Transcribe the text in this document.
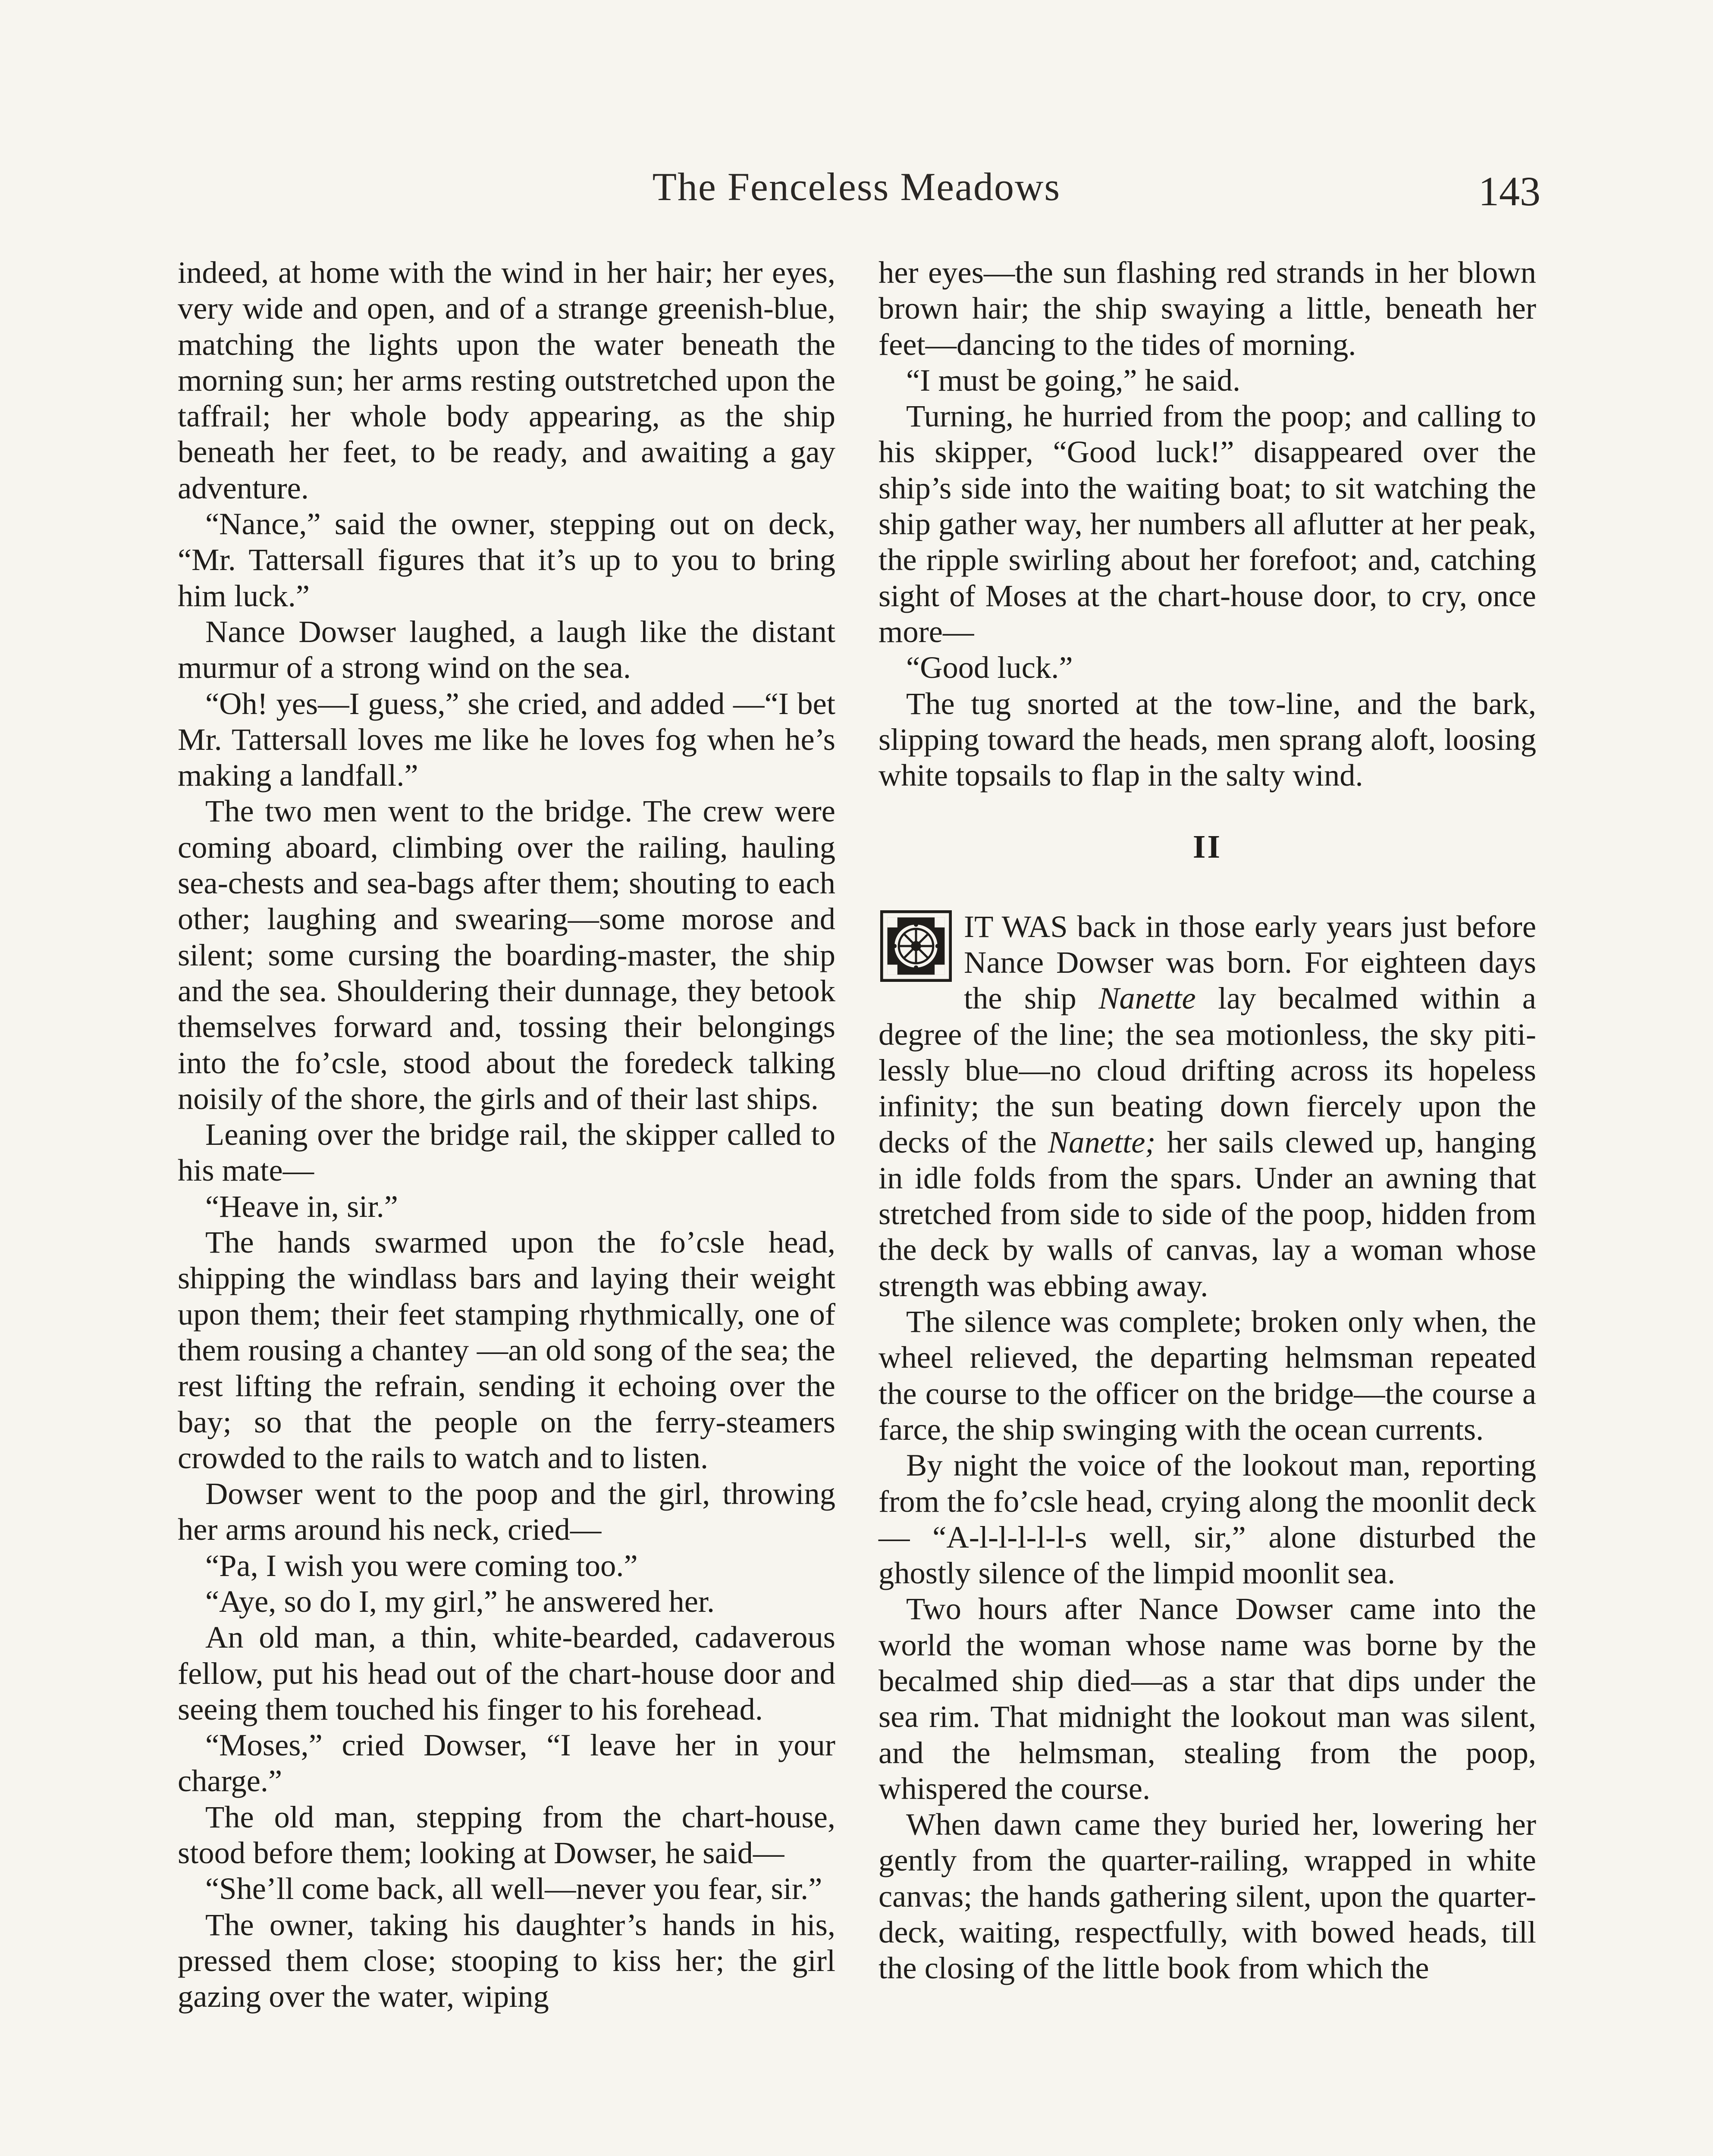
The Fenceless Meadows	143

indeed, at home with the wind in her hair; her eyes, very wide and open, and of a strange greenish-blue, matching the lights upon the water beneath the morning sun; her arms resting outstretched upon the taffrail; her whole body appearing, as the ship beneath her feet, to be ready, and awaiting a gay adventure.

“Nance,” said the owner, stepping out on deck, “Mr. Tattersall figures that it’s up to you to bring him luck.”

Nance Dowser laughed, a laugh like the distant murmur of a strong wind on the sea.

“Oh! yes—I guess,” she cried, and added —“I bet Mr. Tattersall loves me like he loves fog when he’s making a landfall.”

The two men went to the bridge. The crew were coming aboard, climbing over the railing, hauling sea-chests and sea-bags after them; shouting to each other; laughing and swearing—some morose and silent; some cursing the boarding-master, the ship and the sea. Shouldering their dunnage, they betook themselves forward and, tossing their belongings into the fo’csle, stood about the foredeck talking noisily of the shore, the girls and of their last ships.

Leaning over the bridge rail, the skipper called to his mate—

“Heave in, sir.”

The hands swarmed upon the fo’csle head, shipping the windlass bars and laying their weight upon them; their feet stamping rhythmically, one of them rousing a chantey —an old song of the sea; the rest lifting the refrain, sending it echoing over the bay; so that the people on the ferry-steamers crowded to the rails to watch and to listen.

Dowser went to the poop and the girl, throwing her arms around his neck, cried—

“Pa, I wish you were coming too.”

“Aye, so do I, my girl,” he answered her.

An old man, a thin, white-bearded, cadaverous fellow, put his head out of the chart-house door and seeing them touched his finger to his forehead.

“Moses,” cried Dowser, “I leave her in your charge.”

The old man, stepping from the chart-house, stood before them; looking at Dowser, he said—

“She’ll come back, all well—never you fear, sir.”

The owner, taking his daughter’s hands in his, pressed them close; stooping to kiss her; the girl gazing over the water, wiping

her eyes—the sun flashing red strands in her blown brown hair; the ship swaying a little, beneath her feet—dancing to the tides of morning.

“I must be going,” he said.

Turning, he hurried from the poop; and calling to his skipper, “Good luck!” disappeared over the ship’s side into the waiting boat; to sit watching the ship gather way, her numbers all aflutter at her peak, the ripple swirling about her forefoot; and, catching sight of Moses at the chart-house door, to cry, once more—

“Good luck.”

The tug snorted at the tow-line, and the bark, slipping toward the heads, men sprang aloft, loosing white topsails to flap in the salty wind.

II

IT WAS back in those early years just before Nance Dowser was born. For eighteen days the ship Nanette lay becalmed within a degree of the line; the sea motionless, the sky pitilessly blue—no cloud drifting across its hopeless infinity; the sun beating down fiercely upon the decks of the Nanette; her sails clewed up, hanging in idle folds from the spars. Under an awning that stretched from side to side of the poop, hidden from the deck by walls of canvas, lay a woman whose strength was ebbing away.

The silence was complete; broken only when, the wheel relieved, the departing helmsman repeated the course to the officer on the bridge—the course a farce, the ship swinging with the ocean currents.

By night the voice of the lookout man, reporting from the fo’csle head, crying along the moonlit deck— “A-l-l-l-l-l-s well, sir,” alone disturbed the ghostly silence of the limpid moonlit sea.

Two hours after Nance Dowser came into the world the woman whose name was borne by the becalmed ship died—as a star that dips under the sea rim. That midnight the lookout man was silent, and the helmsman, stealing from the poop, whispered the course.

When dawn came they buried her, lowering her gently from the quarter-railing, wrapped in white canvas; the hands gathering silent, upon the quarter-deck, waiting, respectfully, with bowed heads, till the closing of the little book from which the
